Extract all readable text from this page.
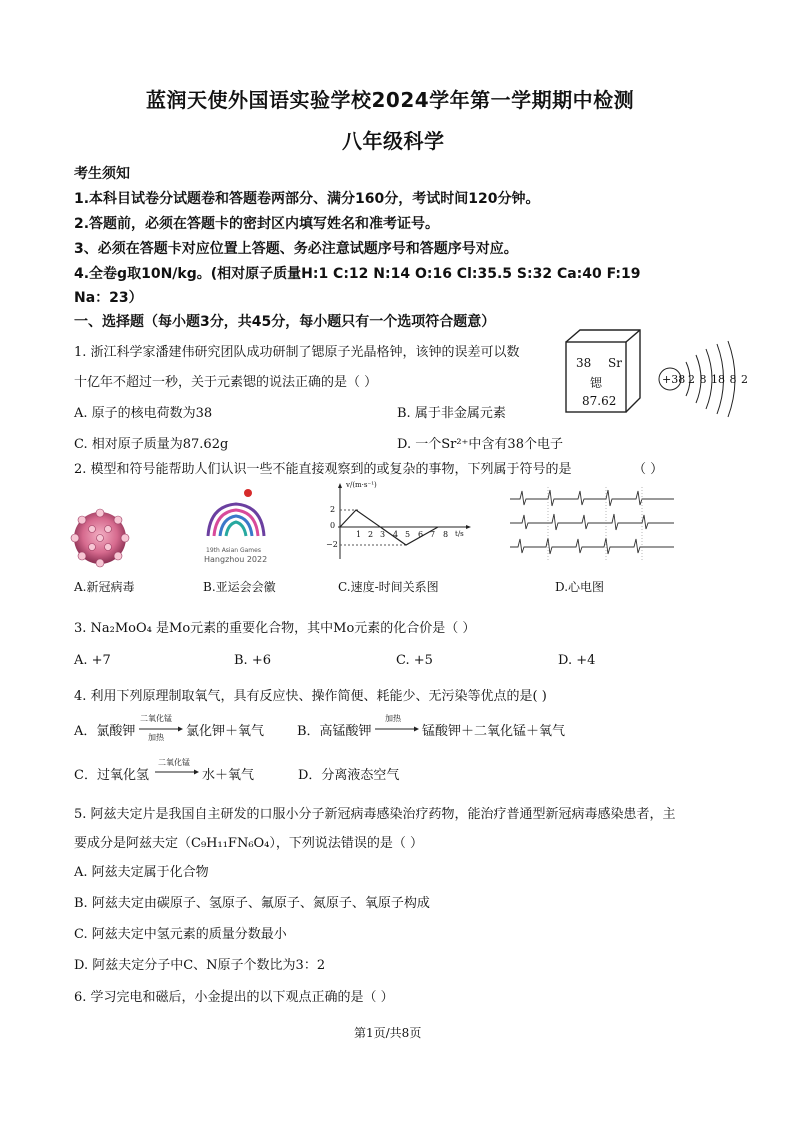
蓝润天使外国语实验学校2024学年第一学期期中检测
八年级科学
考生须知
1.本科目试卷分试题卷和答题卷两部分、满分160分，考试时间120分钟。
2.答题前，必须在答题卡的密封区内填写姓名和准考证号。
3、必须在答题卡对应位置上答题、务必注意试题序号和答题序号对应。
4.全卷g取10N/kg。(相对原子质量H:1 C:12 N:14 O:16 Cl:35.5 S:32 Ca:40 F:19
Na：23）
一、选择题（每小题3分，共45分，每小题只有一个选项符合题意）
1. 浙江科学家潘建伟研究团队成功研制了锶原子光晶格钟，该钟的误差可以数
十亿年不超过一秒，关于元素锶的说法正确的是（ ）
A. 原子的核电荷数为38	B. 属于非金属元素
C. 相对原子质量为87.62g	D. 一个Sr²⁺中含有38个电子
38 Sr
锶
87.62
+38 2 8 18 8 2
2. 模型和符号能帮助人们认识一些不能直接观察到的或复杂的事物，下列属于符号的是	（ ）
19th Asian Games
Hangzhou 2022
v/(m·s⁻¹)
t/s
2
0
−2
1 2 3 4 5 6 7 8
A.新冠病毒	B.亚运会会徽	C.速度-时间关系图	D.心电图
3. Na₂MoO₄ 是Mo元素的重要化合物，其中Mo元素的化合价是（ ）
A. +7	B. +6	C. +5	D. +4
4. 利用下列原理制取氧气，具有反应快、操作简便、耗能少、无污染等优点的是( )
A．氯酸钾
二氧化锰
加热 氯化钾＋氧气	B．高锰酸钾
加热
锰酸钾＋二氧化锰＋氧气
C．过氧化氢
二氧化锰
水＋氧气	D．分离液态空气
5. 阿兹夫定片是我国自主研发的口服小分子新冠病毒感染治疗药物，能治疗普通型新冠病毒感染患者，主
要成分是阿兹夫定（C₉H₁₁FN₆O₄），下列说法错误的是（ ）
A. 阿兹夫定属于化合物
B. 阿兹夫定由碳原子、氢原子、氟原子、氮原子、氧原子构成
C. 阿兹夫定中氢元素的质量分数最小
D. 阿兹夫定分子中C、N原子个数比为3：2
6. 学习完电和磁后，小金提出的以下观点正确的是（ ）
第1页/共8页
